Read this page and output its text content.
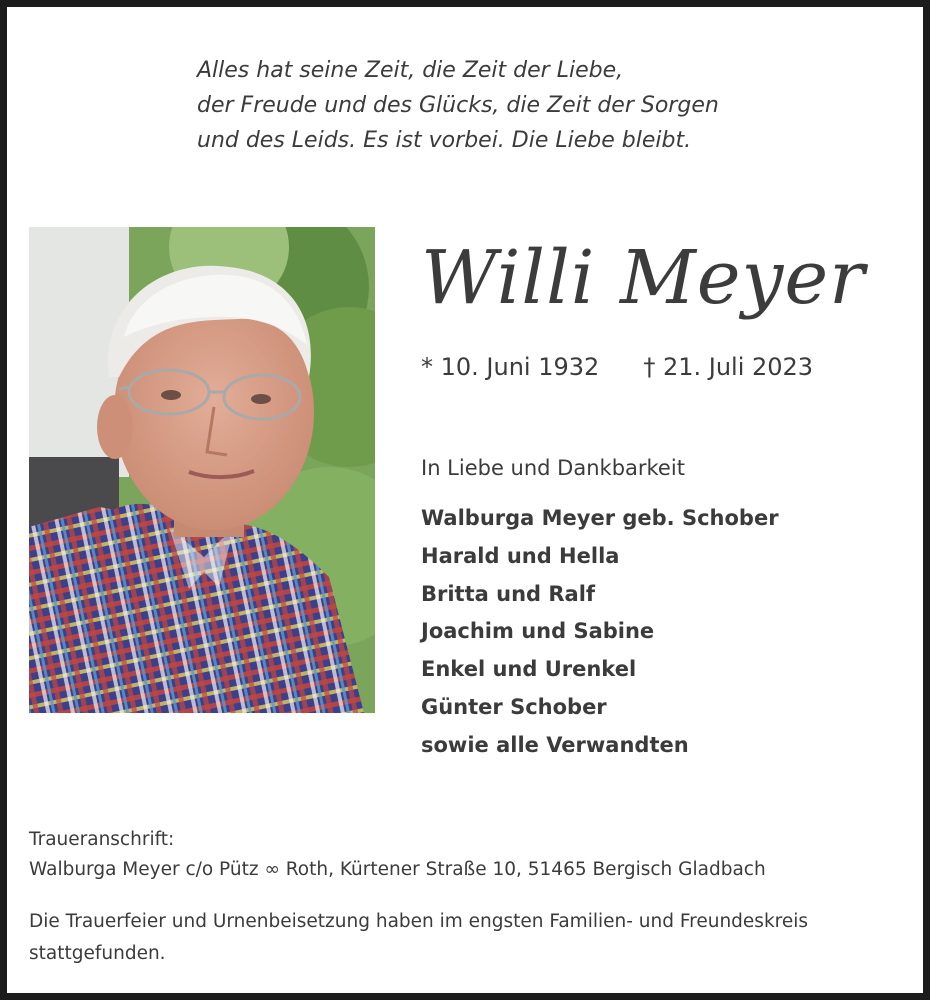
Alles hat seine Zeit, die Zeit der Liebe,
der Freude und des Glücks, die Zeit der Sorgen
und des Leids. Es ist vorbei. Die Liebe bleibt.
Willi Meyer
* 10. Juni 1932 † 21. Juli 2023
In Liebe und Dankbarkeit
Walburga Meyer geb. Schober
Harald und Hella
Britta und Ralf
Joachim und Sabine
Enkel und Urenkel
Günter Schober
sowie alle Verwandten
Traueranschrift:
Walburga Meyer c/o Pütz ∞ Roth, Kürtener Straße 10, 51465 Bergisch Gladbach
Die Trauerfeier und Urnenbeisetzung haben im engsten Familien- und Freundeskreis stattgefunden.
